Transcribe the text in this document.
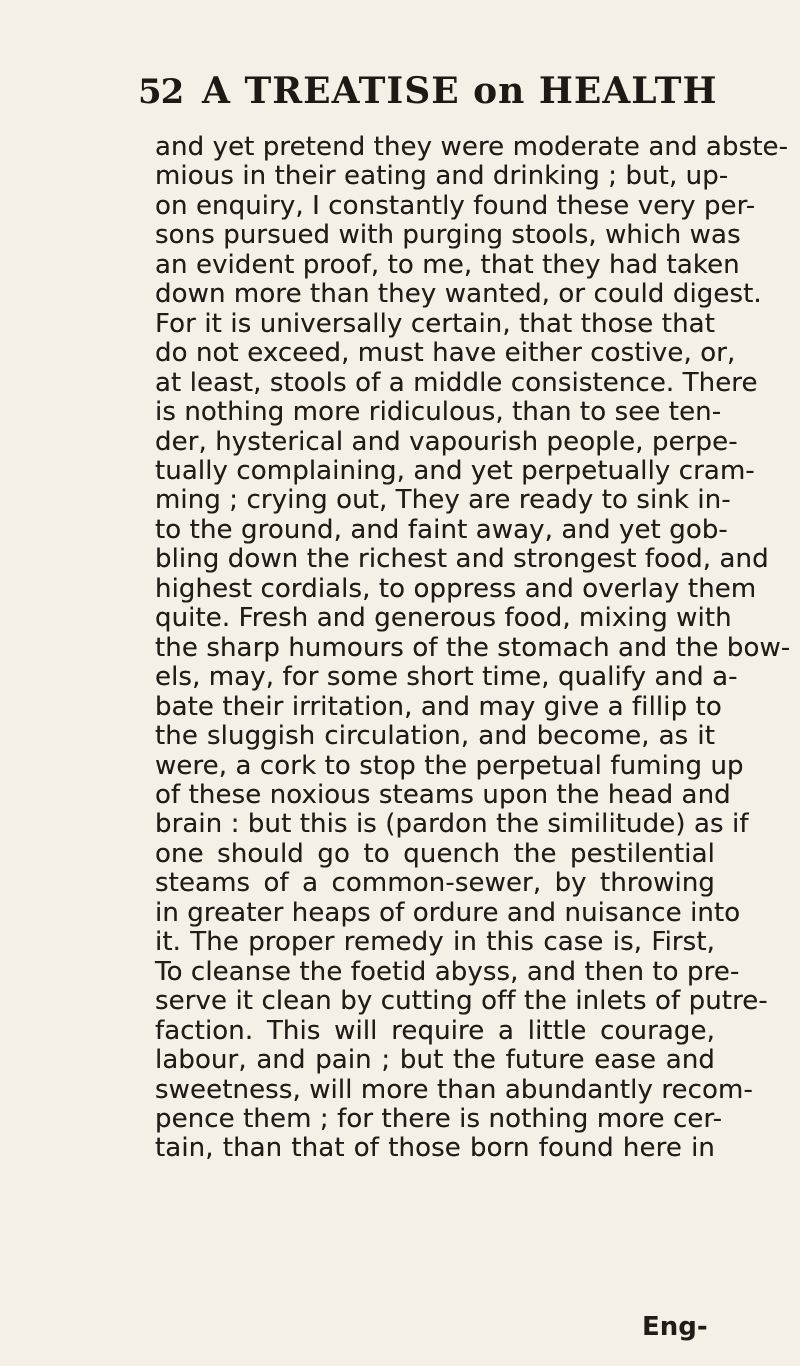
52 A TREATISE on HEALTH
and yet pretend they were moderate and abste-
mious in their eating and drinking ; but, up-
on enquiry, I constantly found these very per-
sons pursued with purging stools, which was
an evident proof, to me, that they had taken
down more than they wanted, or could digest.
For it is universally certain, that those that
do not exceed, must have either costive, or,
at least, stools of a middle consistence. There
is nothing more ridiculous, than to see ten-
der, hysterical and vapourish people, perpe-
tually complaining, and yet perpetually cram-
ming ; crying out, They are ready to sink in-
to the ground, and faint away, and yet gob-
bling down the richest and strongest food, and
highest cordials, to oppress and overlay them
quite. Fresh and generous food, mixing with
the sharp humours of the stomach and the bow-
els, may, for some short time, qualify and a-
bate their irritation, and may give a fillip to
the sluggish circulation, and become, as it
were, a cork to stop the perpetual fuming up
of these noxious steams upon the head and
brain : but this is (pardon the similitude) as if
one should go to quench the pestilential
steams of a common-sewer, by throwing
in greater heaps of ordure and nuisance into
it. The proper remedy in this case is, First,
To cleanse the foetid abyss, and then to pre-
serve it clean by cutting off the inlets of putre-
faction. This will require a little courage,
labour, and pain ; but the future ease and
sweetness, will more than abundantly recom-
pence them ; for there is nothing more cer-
tain, than that of those born found here in
Eng-
